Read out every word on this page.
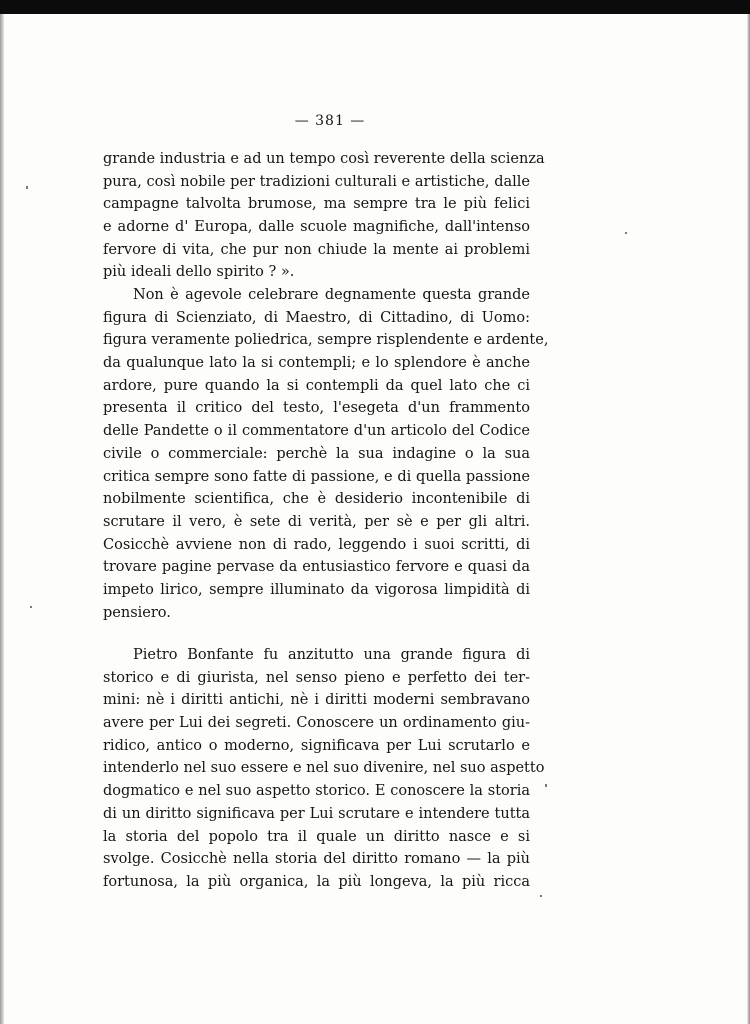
— 381 —
grande industria e ad un tempo così reverente della scienza
pura, così nobile per tradizioni culturali e artistiche, dalle
campagne talvolta brumose, ma sempre tra le più felici
e adorne d' Europa, dalle scuole magnifiche, dall'intenso
fervore di vita, che pur non chiude la mente ai problemi
più ideali dello spirito ? ».
Non è agevole celebrare degnamente questa grande
figura di Scienziato, di Maestro, di Cittadino, di Uomo:
figura veramente poliedrica, sempre risplendente e ardente,
da qualunque lato la si contempli; e lo splendore è anche
ardore, pure quando la si contempli da quel lato che ci
presenta il critico del testo, l'esegeta d'un frammento
delle Pandette o il commentatore d'un articolo del Codice
civile o commerciale: perchè la sua indagine o la sua
critica sempre sono fatte di passione, e di quella passione
nobilmente scientifica, che è desiderio incontenibile di
scrutare il vero, è sete di verità, per sè e per gli altri.
Cosicchè avviene non di rado, leggendo i suoi scritti, di
trovare pagine pervase da entusiastico fervore e quasi da
impeto lirico, sempre illuminato da vigorosa limpidità di
pensiero.
Pietro Bonfante fu anzitutto una grande figura di
storico e di giurista, nel senso pieno e perfetto dei ter-
mini: nè i diritti antichi, nè i diritti moderni sembravano
avere per Lui dei segreti. Conoscere un ordinamento giu-
ridico, antico o moderno, significava per Lui scrutarlo e
intenderlo nel suo essere e nel suo divenire, nel suo aspetto
dogmatico e nel suo aspetto storico. E conoscere la storia
di un diritto significava per Lui scrutare e intendere tutta
la storia del popolo tra il quale un diritto nasce e si
svolge. Cosicchè nella storia del diritto romano — la più
fortunosa, la più organica, la più longeva, la più ricca
